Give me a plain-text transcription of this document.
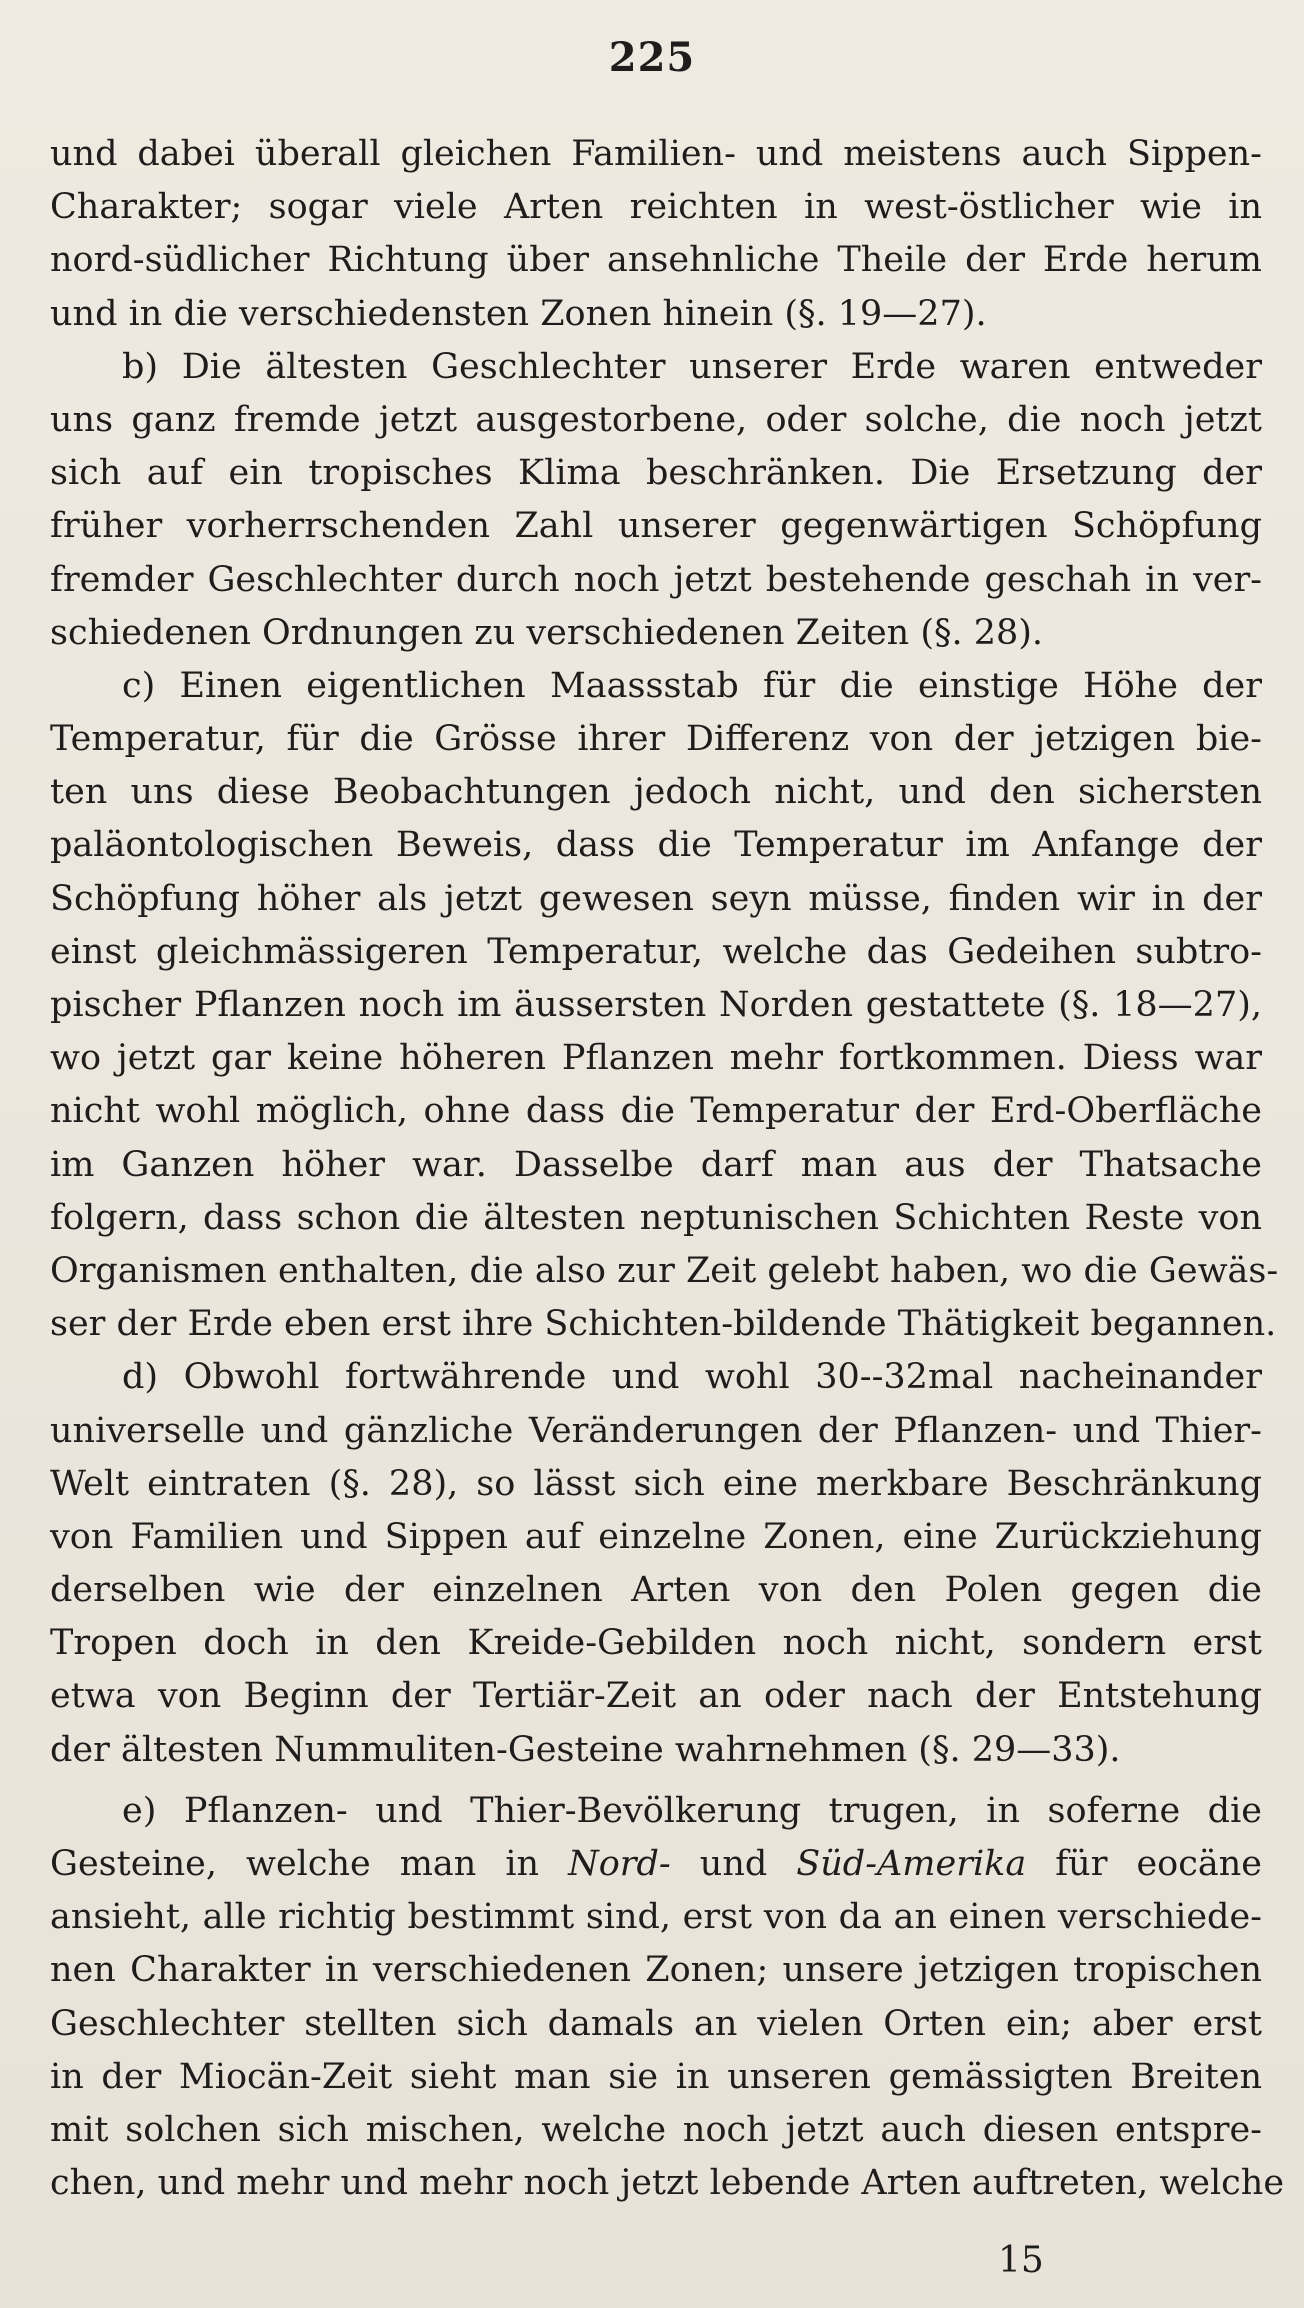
225
und dabei überall gleichen Familien- und meistens auch Sippen-
Charakter; sogar viele Arten reichten in west-östlicher wie in
nord-südlicher Richtung über ansehnliche Theile der Erde herum
und in die verschiedensten Zonen hinein (§. 19—27).
b) Die ältesten Geschlechter unserer Erde waren entweder
uns ganz fremde jetzt ausgestorbene, oder solche, die noch jetzt
sich auf ein tropisches Klima beschränken. Die Ersetzung der
früher vorherrschenden Zahl unserer gegenwärtigen Schöpfung
fremder Geschlechter durch noch jetzt bestehende geschah in ver-
schiedenen Ordnungen zu verschiedenen Zeiten (§. 28).
c) Einen eigentlichen Maassstab für die einstige Höhe der
Temperatur, für die Grösse ihrer Differenz von der jetzigen bie-
ten uns diese Beobachtungen jedoch nicht, und den sichersten
paläontologischen Beweis, dass die Temperatur im Anfange der
Schöpfung höher als jetzt gewesen seyn müsse, finden wir in der
einst gleichmässigeren Temperatur, welche das Gedeihen subtro-
pischer Pflanzen noch im äussersten Norden gestattete (§. 18—27),
wo jetzt gar keine höheren Pflanzen mehr fortkommen. Diess war
nicht wohl möglich, ohne dass die Temperatur der Erd-Oberfläche
im Ganzen höher war. Dasselbe darf man aus der Thatsache
folgern, dass schon die ältesten neptunischen Schichten Reste von
Organismen enthalten, die also zur Zeit gelebt haben, wo die Gewäs-
ser der Erde eben erst ihre Schichten-bildende Thätigkeit begannen.
d) Obwohl fortwährende und wohl 30--32mal nacheinander
universelle und gänzliche Veränderungen der Pflanzen- und Thier-
Welt eintraten (§. 28), so lässt sich eine merkbare Beschränkung
von Familien und Sippen auf einzelne Zonen, eine Zurückziehung
derselben wie der einzelnen Arten von den Polen gegen die
Tropen doch in den Kreide-Gebilden noch nicht, sondern erst
etwa von Beginn der Tertiär-Zeit an oder nach der Entstehung
der ältesten Nummuliten-Gesteine wahrnehmen (§. 29—33).
e) Pflanzen- und Thier-Bevölkerung trugen, in soferne die
Gesteine, welche man in Nord- und Süd-Amerika für eocäne
ansieht, alle richtig bestimmt sind, erst von da an einen verschiede-
nen Charakter in verschiedenen Zonen; unsere jetzigen tropischen
Geschlechter stellten sich damals an vielen Orten ein; aber erst
in der Miocän-Zeit sieht man sie in unseren gemässigten Breiten
mit solchen sich mischen, welche noch jetzt auch diesen entspre-
chen, und mehr und mehr noch jetzt lebende Arten auftreten, welche
15
